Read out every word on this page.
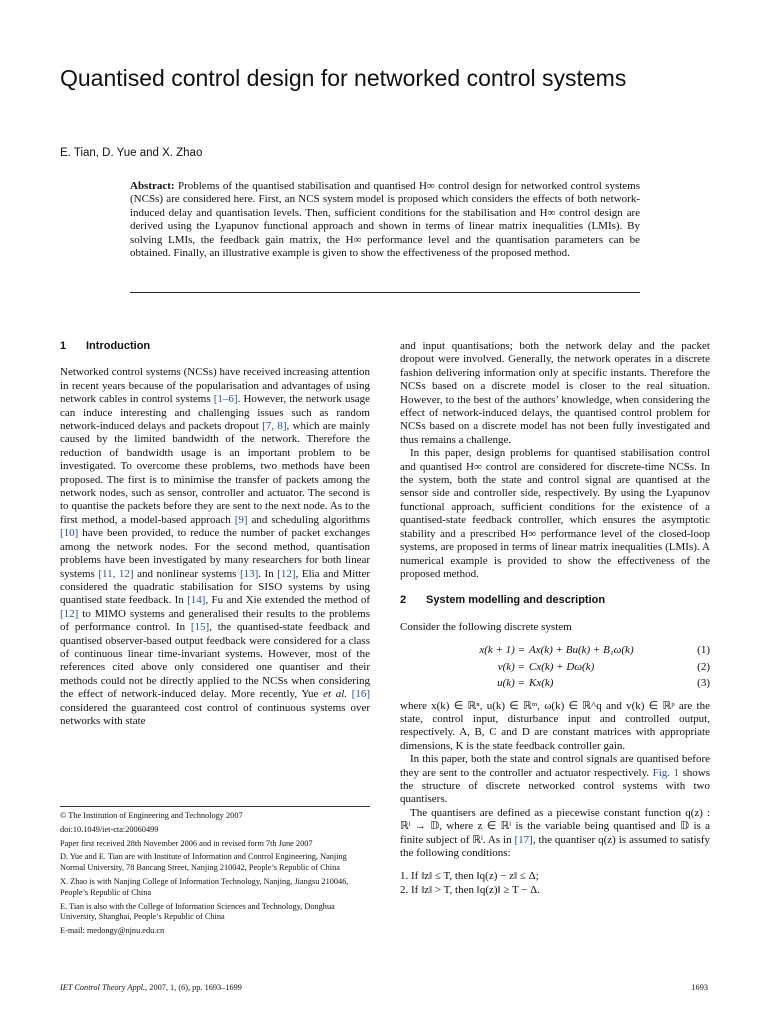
Quantised control design for networked control systems
E. Tian, D. Yue and X. Zhao

Abstract: Problems of the quantised stabilisation and quantised H∞ control design for networked control systems (NCSs) are considered here. First, an NCS system model is proposed which considers the effects of both network-induced delay and quantisation levels. Then, sufficient conditions for the stabilisation and H∞ control design are derived using the Lyapunov functional approach and shown in terms of linear matrix inequalities (LMIs). By solving LMIs, the feedback gain matrix, the H∞ performance level and the quantisation parameters can be obtained. Finally, an illustrative example is given to show the effectiveness of the proposed method.

1 Introduction

Networked control systems (NCSs) have received increasing attention in recent years because of the popularisation and advantages of using network cables in control systems [1–6]. However, the network usage can induce interesting and challenging issues such as random network-induced delays and packets dropout [7, 8], which are mainly caused by the limited bandwidth of the network. Therefore the reduction of bandwidth usage is an important problem to be investigated. To overcome these problems, two methods have been proposed. The first is to minimise the transfer of packets among the network nodes, such as sensor, controller and actuator. The second is to quantise the packets before they are sent to the next node. As to the first method, a model-based approach [9] and scheduling algorithms [10] have been provided, to reduce the number of packet exchanges among the network nodes. For the second method, quantisation problems have been investigated by many researchers for both linear systems [11, 12] and nonlinear systems [13]. In [12], Elia and Mitter considered the quadratic stabilisation for SISO systems by using quantised state feedback. In [14], Fu and Xie extended the method of [12] to MIMO systems and generalised their results to the problems of performance control. In [15], the quantised-state feedback and quantised observer-based output feedback were considered for a class of continuous linear time-invariant systems. However, most of the references cited above only considered one quantiser and their methods could not be directly applied to the NCSs when considering the effect of network-induced delay. More recently, Yue et al. [16] considered the guaranteed cost control of continuous systems over networks with state

and input quantisations; both the network delay and the packet dropout were involved. Generally, the network operates in a discrete fashion delivering information only at specific instants. Therefore the NCSs based on a discrete model is closer to the real situation. However, to the best of the authors’ knowledge, when considering the effect of network-induced delays, the quantised control problem for NCSs based on a discrete model has not been fully investigated and thus remains a challenge.

In this paper, design problems for quantised stabilisation control and quantised H∞ control are considered for discrete-time NCSs. In the system, both the state and control signal are quantised at the sensor side and controller side, respectively. By using the Lyapunov functional approach, sufficient conditions for the existence of a quantised-state feedback controller, which ensures the asymptotic stability and a prescribed H∞ performance level of the closed-loop systems, are proposed in terms of linear matrix inequalities (LMIs). A numerical example is provided to show the effectiveness of the proposed method.

2 System modelling and description

Consider the following discrete system

x(k + 1) = Ax(k) + Bu(k) + B₁ω(k)	(1)
v(k) = Cx(k) + Dω(k)	(2)
u(k) = Kx(k)	(3)

where x(k) ∈ ℝⁿ, u(k) ∈ ℝᵐ, ω(k) ∈ ℝ^q and v(k) ∈ ℝᵖ are the state, control input, disturbance input and controlled output, respectively. A, B, C and D are constant matrices with appropriate dimensions, K is the state feedback controller gain.

In this paper, both the state and control signals are quantised before they are sent to the controller and actuator respectively. Fig. 1 shows the structure of discrete networked control systems with two quantisers.

The quantisers are defined as a piecewise constant function q(z) : ℝˡ → 𝔻, where z ∈ ℝˡ is the variable being quantised and 𝔻 is a finite subject of ℝˡ. As in [17], the quantiser q(z) is assumed to satisfy the following conditions:

1. If ‖z‖ ≤ T, then ‖q(z) − z‖ ≤ Δ;
2. If ‖z‖ > T, then ‖q(z)‖ ≥ T − Δ.
© The Institution of Engineering and Technology 2007
doi:10.1049/iet-cta:20060499
Paper first received 28th November 2006 and in revised form 7th June 2007
D. Yue and E. Tian are with Institute of Information and Control Engineering, Nanjing Normal University, 78 Bancang Street, Nanjing 210042, People’s Republic of China
X. Zhao is with Nanjing College of Information Technology, Nanjing, Jiangsu 210046, People’s Republic of China
E. Tian is also with the College of Information Sciences and Technology, Donghua University, Shanghai, People’s Republic of China
E-mail: medongy@njnu.edu.cn
IET Control Theory Appl., 2007, 1, (6), pp. 1693–1699	1693
